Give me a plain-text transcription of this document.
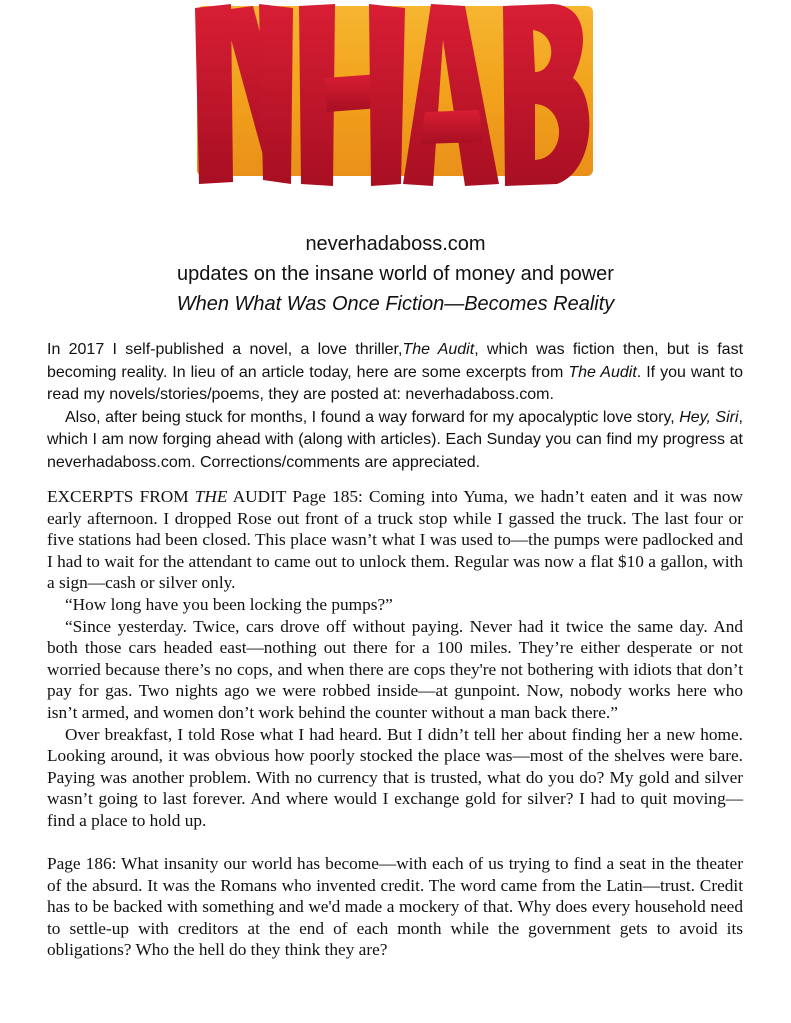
neverhadaboss.com
updates on the insane world of money and power
When What Was Once Fiction—Becomes Reality

In 2017 I self-published a novel, a love thriller,The Audit, which was fiction then, but is fast becoming reality. In lieu of an article today, here are some excerpts from The Audit. If you want to read my novels/stories/poems, they are posted at: neverhadaboss.com.

Also, after being stuck for months, I found a way forward for my apocalyptic love story, Hey, Siri, which I am now forging ahead with (along with articles). Each Sunday you can find my progress at neverhadaboss.com. Corrections/comments are appreciated.

EXCERPTS FROM THE AUDIT Page 185: Coming into Yuma, we hadn’t eaten and it was now early afternoon. I dropped Rose out front of a truck stop while I gassed the truck. The last four or five stations had been closed. This place wasn’t what I was used to—the pumps were padlocked and I had to wait for the attendant to came out to unlock them. Regular was now a flat $10 a gallon, with a sign—cash or silver only.

“How long have you been locking the pumps?”

“Since yesterday. Twice, cars drove off without paying. Never had it twice the same day. And both those cars headed east—nothing out there for a 100 miles. They’re either desperate or not worried because there’s no cops, and when there are cops they're not bothering with idiots that don’t pay for gas. Two nights ago we were robbed inside—at gunpoint. Now, nobody works here who isn’t armed, and women don’t work behind the counter without a man back there.”

Over breakfast, I told Rose what I had heard. But I didn’t tell her about finding her a new home. Looking around, it was obvious how poorly stocked the place was—most of the shelves were bare. Paying was another problem. With no currency that is trusted, what do you do? My gold and silver wasn’t going to last forever. And where would I exchange gold for silver? I had to quit moving—find a place to hold up.

Page 186: What insanity our world has become—with each of us trying to find a seat in the theater of the absurd. It was the Romans who invented credit. The word came from the Latin—trust. Credit has to be backed with something and we'd made a mockery of that. Why does every household need to settle-up with creditors at the end of each month while the government gets to avoid its obligations? Who the hell do they think they are?
